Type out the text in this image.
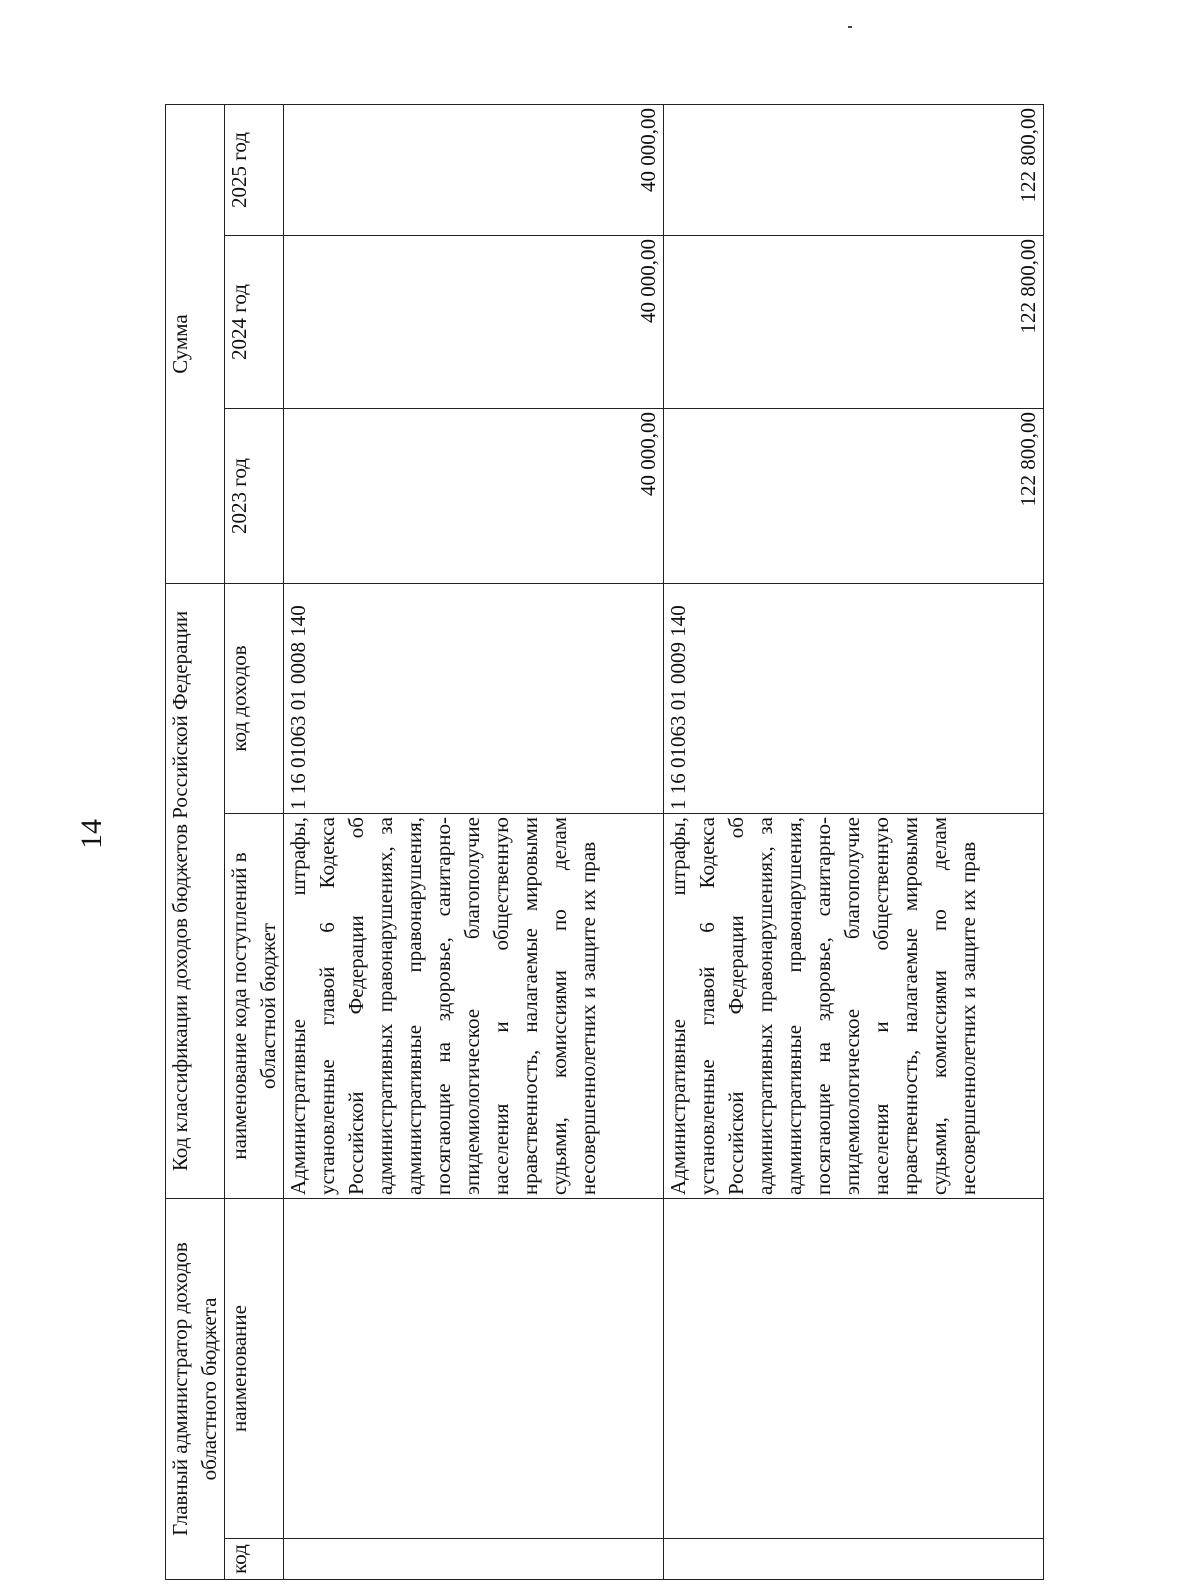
14
Главный администратор доходов областного бюджета		Код классификации доходов бюджетов Российской Федерации		Сумма		
код	наименование	наименование кода поступлений в областной бюджет	код доходов	2023 год	2024 год	2025 год
		Административные штрафы, установленные главой 6 Кодекса Российской Федерации об административных правонарушениях, за административные правонарушения, посягающие на здоровье, санитарно-эпидемиологическое благополучие населения и общественную нравственность, налагаемые мировыми судьями, комиссиями по делам несовершеннолетних и защите их прав	1 16 01063 01 0008 140	40 000,00	40 000,00	40 000,00
		Административные штрафы, установленные главой 6 Кодекса Российской Федерации об административных правонарушениях, за административные правонарушения, посягающие на здоровье, санитарно-эпидемиологическое благополучие населения и общественную нравственность, налагаемые мировыми судьями, комиссиями по делам несовершеннолетних и защите их прав	1 16 01063 01 0009 140	122 800,00	122 800,00	122 800,00
